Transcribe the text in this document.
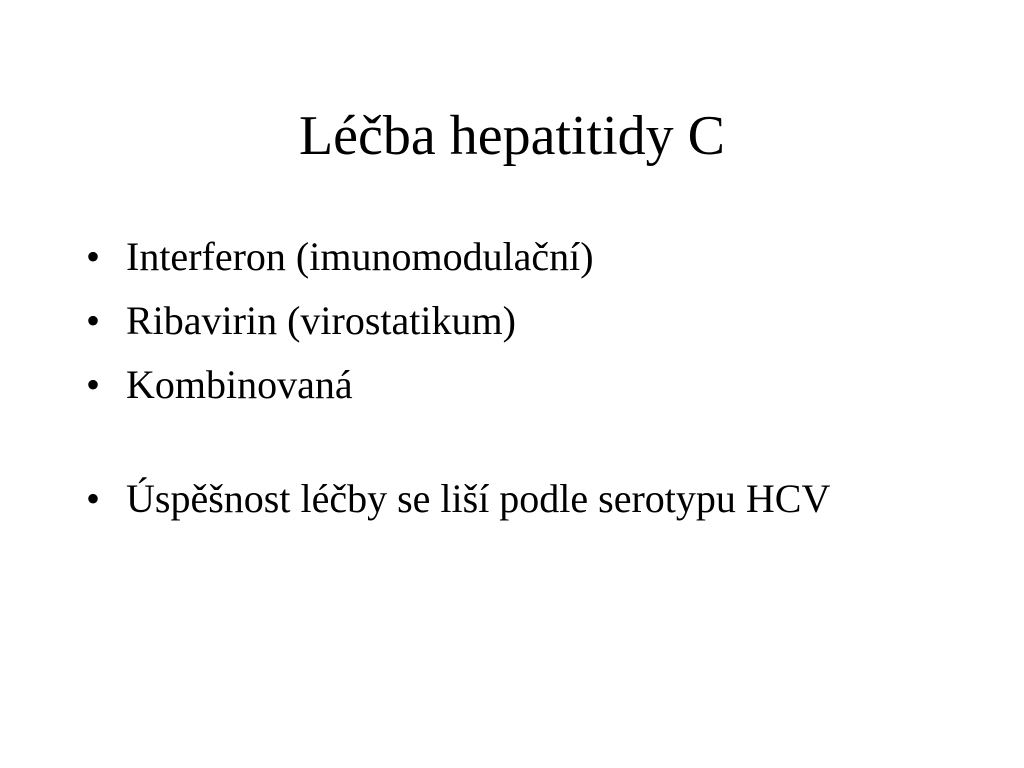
Léčba hepatitidy C
• Interferon (imunomodulační)
• Ribavirin (virostatikum)
• Kombinovaná
• Úspěšnost léčby se liší podle serotypu HCV
